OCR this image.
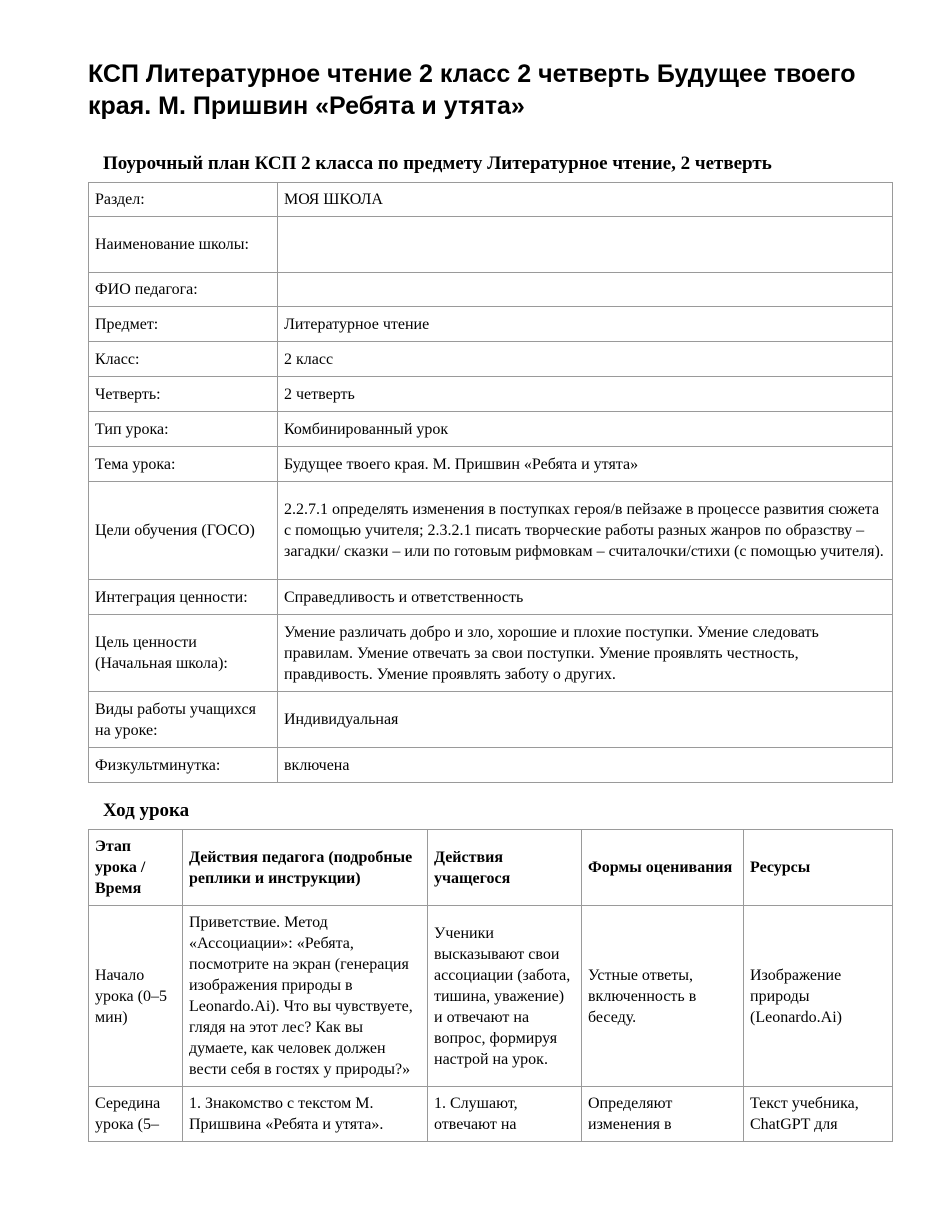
КСП Литературное чтение 2 класс 2 четверть Будущее твоего края. М. Пришвин «Ребята и утята»
Поурочный план КСП 2 класса по предмету Литературное чтение, 2 четверть
Раздел:	МОЯ ШКОЛА
Наименование школы:	
ФИО педагога:	
Предмет:	Литературное чтение
Класс:	2 класс
Четверть:	2 четверть
Тип урока:	Комбинированный урок
Тема урока:	Будущее твоего края. М. Пришвин «Ребята и утята»
Цели обучения (ГОСО)	2.2.7.1 определять изменения в поступках героя/в пейзаже в процессе развития сюжета с помощью учителя; 2.3.2.1 писать творческие работы разных жанров по образству – загадки/ сказки – или по готовым рифмовкам – считалочки/стихи (с помощью учителя).
Интеграция ценности:	Справедливость и ответственность
Цель ценности (Начальная школа):	Умение различать добро и зло, хорошие и плохие поступки. Умение следовать правилам. Умение отвечать за свои поступки. Умение проявлять честность, правдивость. Умение проявлять заботу о других.
Виды работы учащихся на уроке:	Индивидуальная
Физкультминутка:	включена
Ход урока
Этап урока / Время	Действия педагога (подробные реплики и инструкции)	Действия учащегося	Формы оценивания	Ресурсы
Начало урока (0–5 мин)	Приветствие. Метод «Ассоциации»: «Ребята, посмотрите на экран (генерация изображения природы в Leonardo.Ai). Что вы чувствуете, глядя на этот лес? Как вы думаете, как человек должен вести себя в гостях у природы?»	Ученики высказывают свои ассоциации (забота, тишина, уважение) и отвечают на вопрос, формируя настрой на урок.	Устные ответы, включенность в беседу.	Изображение природы (Leonardo.Ai)
Середина урока (5–	1. Знакомство с текстом М. Пришвина «Ребята и утята».	1. Слушают, отвечают на	Определяют изменения в	Текст учебника, ChatGPT для
